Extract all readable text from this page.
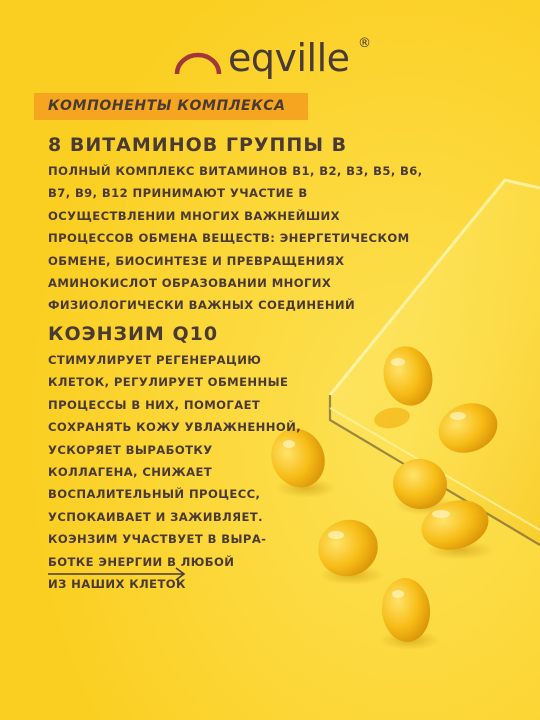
eqville ®
КОМПОНЕНТЫ КОМПЛЕКСА
8 ВИТАМИНОВ ГРУППЫ В
ПОЛНЫЙ КОМПЛЕКС ВИТАМИНОВ В1, В2, В3, В5, В6,
В7, В9, В12 ПРИНИМАЮТ УЧАСТИЕ В
ОСУЩЕСТВЛЕНИИ МНОГИХ ВАЖНЕЙШИХ
ПРОЦЕССОВ ОБМЕНА ВЕЩЕСТВ: ЭНЕРГЕТИЧЕСКОМ
ОБМЕНЕ, БИОСИНТЕЗЕ И ПРЕВРАЩЕНИЯХ
АМИНОКИСЛОТ ОБРАЗОВАНИИ МНОГИХ
ФИЗИОЛОГИЧЕСКИ ВАЖНЫХ СОЕДИНЕНИЙ
КОЭНЗИМ Q10
СТИМУЛИРУЕТ РЕГЕНЕРАЦИЮ
КЛЕТОК, РЕГУЛИРУЕТ ОБМЕННЫЕ
ПРОЦЕССЫ В НИХ, ПОМОГАЕТ
СОХРАНЯТЬ КОЖУ УВЛАЖНЕННОЙ,
УСКОРЯЕТ ВЫРАБОТКУ
КОЛЛАГЕНА, СНИЖАЕТ
ВОСПАЛИТЕЛЬНЫЙ ПРОЦЕСС,
УСПОКАИВАЕТ И ЗАЖИВЛЯЕТ.
КОЭНЗИМ УЧАСТВУЕТ В ВЫРА-
БОТКЕ ЭНЕРГИИ В ЛЮБОЙ
ИЗ НАШИХ КЛЕТОК
